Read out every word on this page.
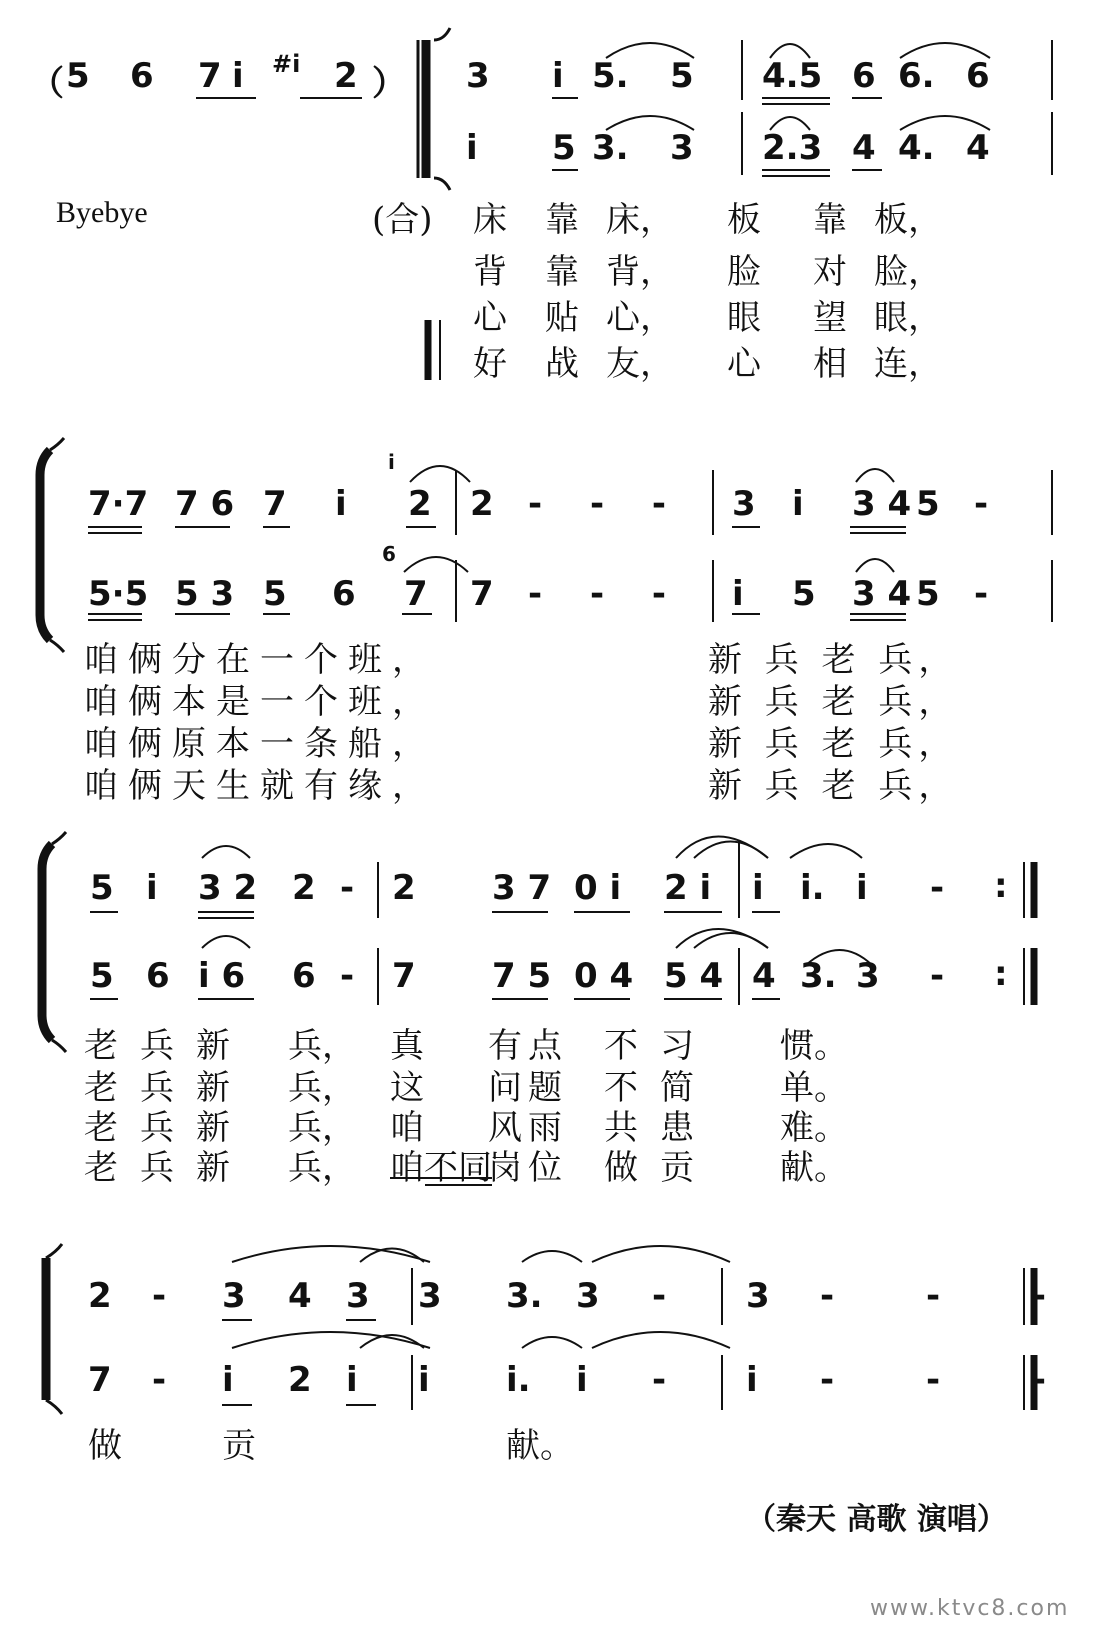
（ 5 6 7 i #i 2 ）
Byebye
3 i 5. 5 4.5 6 6. 6
i 5 3. 3 2.3 4 4. 4
(合)	床 靠 床， 板 靠 板，
背 靠 背， 脸 对 脸，
心 贴 心， 眼 望 眼，
好 战 友， 心 相 连，
7·7 7 6 7 i
i
2 2 - - - 3 i 3 4 5 -
5·5 5 3 5 6
6
7 7 - - - i 5 3 4 5 -
咱俩分在一个班，	新 兵 老 兵，
咱俩本是一个班，	新 兵 老 兵，
咱俩原本一条船，	新 兵 老 兵，
咱俩天生就有缘，	新 兵 老 兵，
5 i 3 2 2 - 2 3 7 0 i 2 i i i. i - :
5 6 i 6 6 - 7 7 5 0 4 5 4 4 3. 3 - :
老兵新 兵， 真 有点 不习 惯。
老兵新 兵， 这 问题 不简 单。
老兵新 兵， 咱 风雨 共患 难。
老兵新 兵， 咱不同
岗位 做贡 献。
2 - 3 4 3 3 3. 3 - 3 - - -
7 - i 2 i i i. i - i - - -
做	贡	献。
（秦天 高歌 演唱）
www.ktvc8.com
